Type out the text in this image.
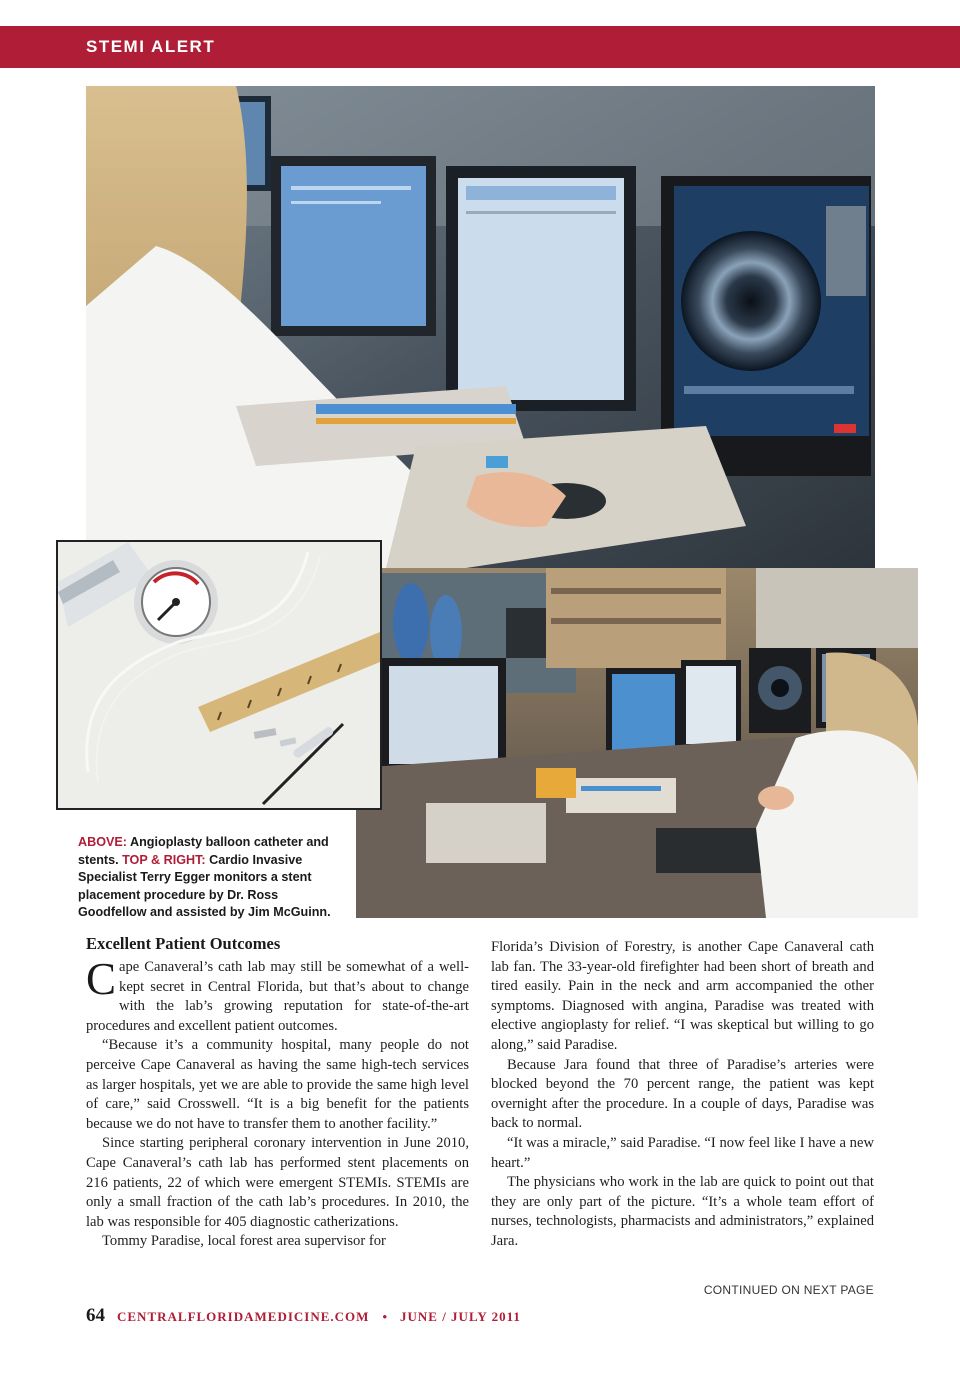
STEMI ALERT

ABOVE: Angioplasty balloon catheter and stents. TOP & RIGHT: Cardio Invasive Specialist Terry Egger monitors a stent placement procedure by Dr. Ross Goodfellow and assisted by Jim McGuinn.

Excellent Patient Outcomes

Cape Canaveral’s cath lab may still be somewhat of a well-kept secret in Central Florida, but that’s about to change with the lab’s growing reputation for state-of-the-art procedures and excellent patient outcomes.

“Because it’s a community hospital, many people do not perceive Cape Canaveral as having the same high-tech services as larger hospitals, yet we are able to provide the same high level of care,” said Crosswell. “It is a big benefit for the patients because we do not have to transfer them to another facility.”

Since starting peripheral coronary intervention in June 2010, Cape Canaveral’s cath lab has performed stent placements on 216 patients, 22 of which were emergent STEMIs. STEMIs are only a small fraction of the cath lab’s procedures. In 2010, the lab was responsible for 405 diagnostic catherizations.

Tommy Paradise, local forest area supervisor for

Florida’s Division of Forestry, is another Cape Canaveral cath lab fan. The 33-year-old firefighter had been short of breath and tired easily. Pain in the neck and arm accompanied the other symptoms. Diagnosed with angina, Paradise was treated with elective angioplasty for relief. “I was skeptical but willing to go along,” said Paradise.

Because Jara found that three of Paradise’s arteries were blocked beyond the 70 percent range, the patient was kept overnight after the procedure. In a couple of days, Paradise was back to normal.

“It was a miracle,” said Paradise. “I now feel like I have a new heart.”

The physicians who work in the lab are quick to point out that they are only part of the picture. “It’s a whole team effort of nurses, technologists, pharmacists and administrators,” explained Jara.

CONTINUED ON NEXT PAGE
64 CENTRALFLORIDAMEDICINE.COM • JUNE / JULY 2011
